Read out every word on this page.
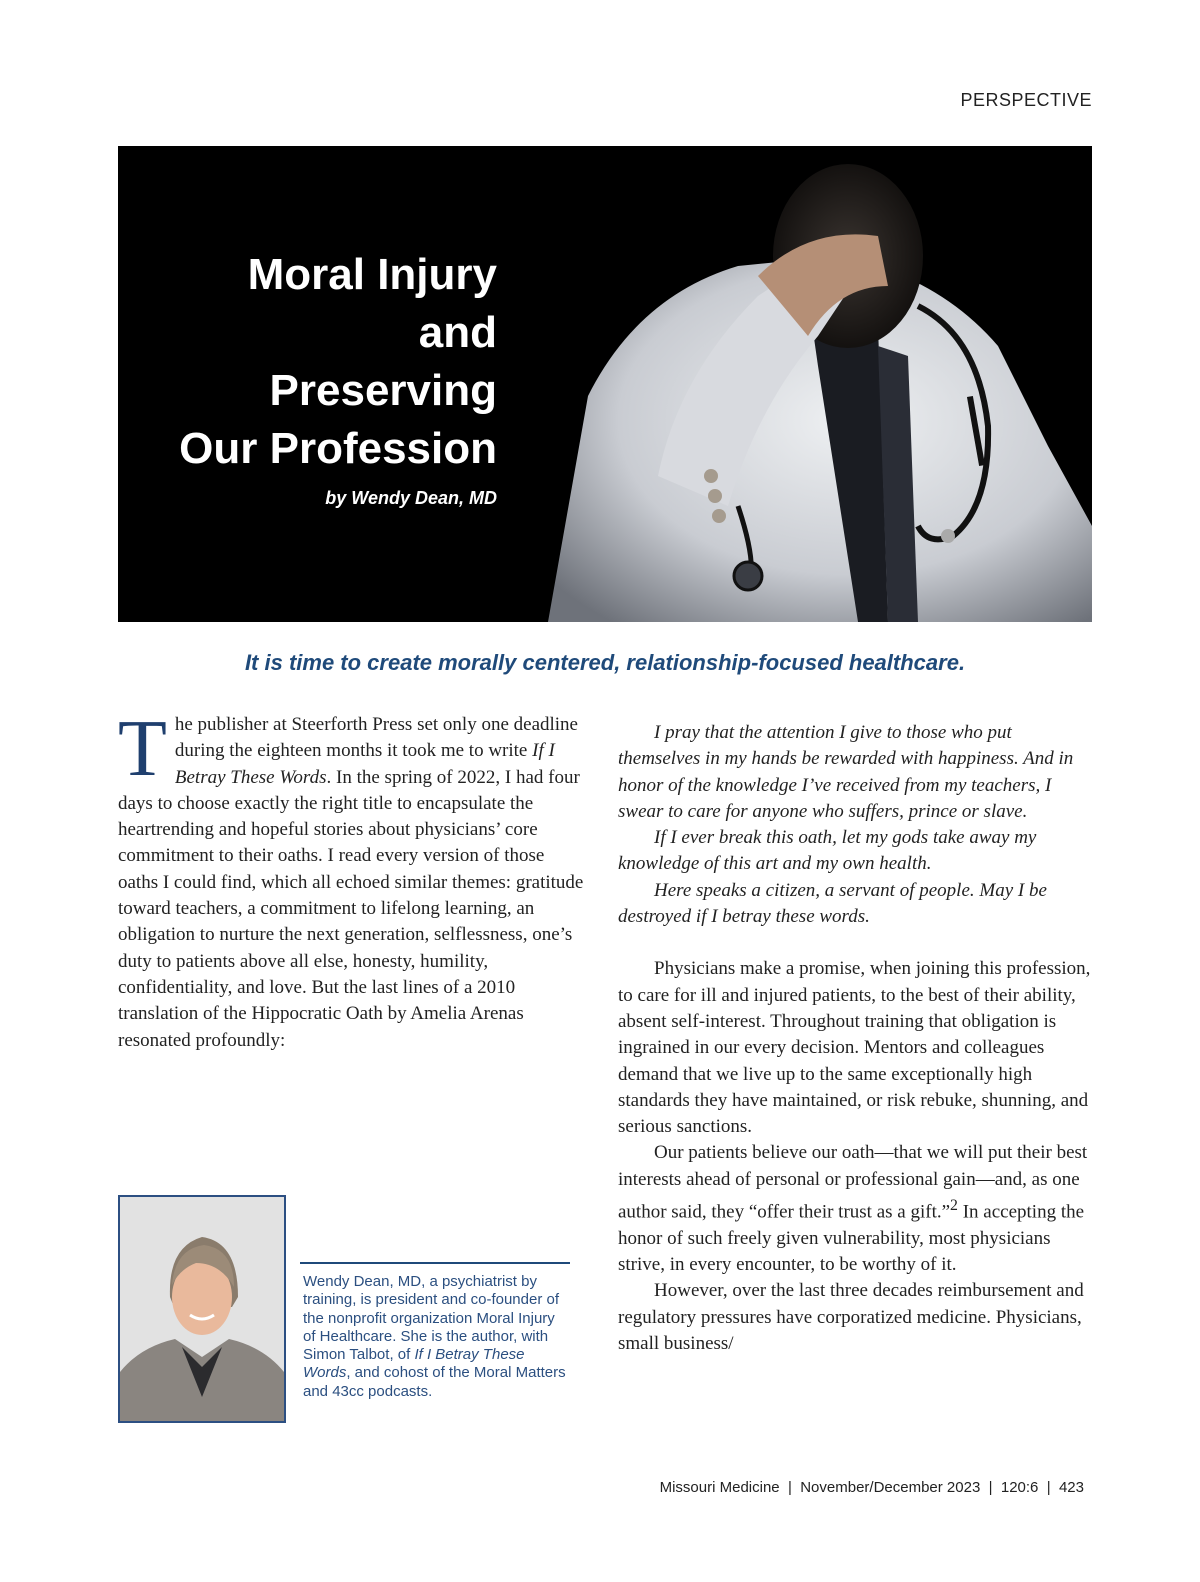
PERSPECTIVE
Moral Injury
and
Preserving
Our Profession
by Wendy Dean, MD
It is time to create morally centered, relationship-focused healthcare.
T he publisher at Steerforth Press set only one deadline during the eighteen months it took me to write If I Betray These Words. In the spring of 2022, I had four days to choose exactly the right title to encapsulate the heartrending and hopeful stories about physicians’ core commitment to their oaths. I read every version of those oaths I could find, which all echoed similar themes: gratitude toward teachers, a commitment to lifelong learning, an obligation to nurture the next generation, selflessness, one’s duty to patients above all else, honesty, humility, confidentiality, and love. But the last lines of a 2010 translation of the Hippocratic Oath by Amelia Arenas resonated profoundly:

I pray that the attention I give to those who put themselves in my hands be rewarded with happiness. And in honor of the knowledge I’ve received from my teachers, I swear to care for anyone who suffers, prince or slave.

If I ever break this oath, let my gods take away my knowledge of this art and my own health.

Here speaks a citizen, a servant of people. May I be destroyed if I betray these words.

Physicians make a promise, when joining this profession, to care for ill and injured patients, to the best of their ability, absent self-interest. Throughout training that obligation is ingrained in our every decision. Mentors and colleagues demand that we live up to the same exceptionally high standards they have maintained, or risk rebuke, shunning, and serious sanctions.

Our patients believe our oath—that we will put their best interests ahead of personal or professional gain—and, as one author said, they “offer their trust as a gift.”$^2$ In accepting the honor of such freely given vulnerability, most physicians strive, in every encounter, to be worthy of it.

However, over the last three decades reimbursement and regulatory pressures have corporatized medicine. Physicians, small business/

Wendy Dean, MD, a psychiatrist by training, is president and co-founder of the nonprofit organization Moral Injury of Healthcare. She is the author, with Simon Talbot, of If I Betray These Words, and cohost of the Moral Matters and 43cc podcasts.
Missouri Medicine  |  November/December 2023  |  120:6  |  423
